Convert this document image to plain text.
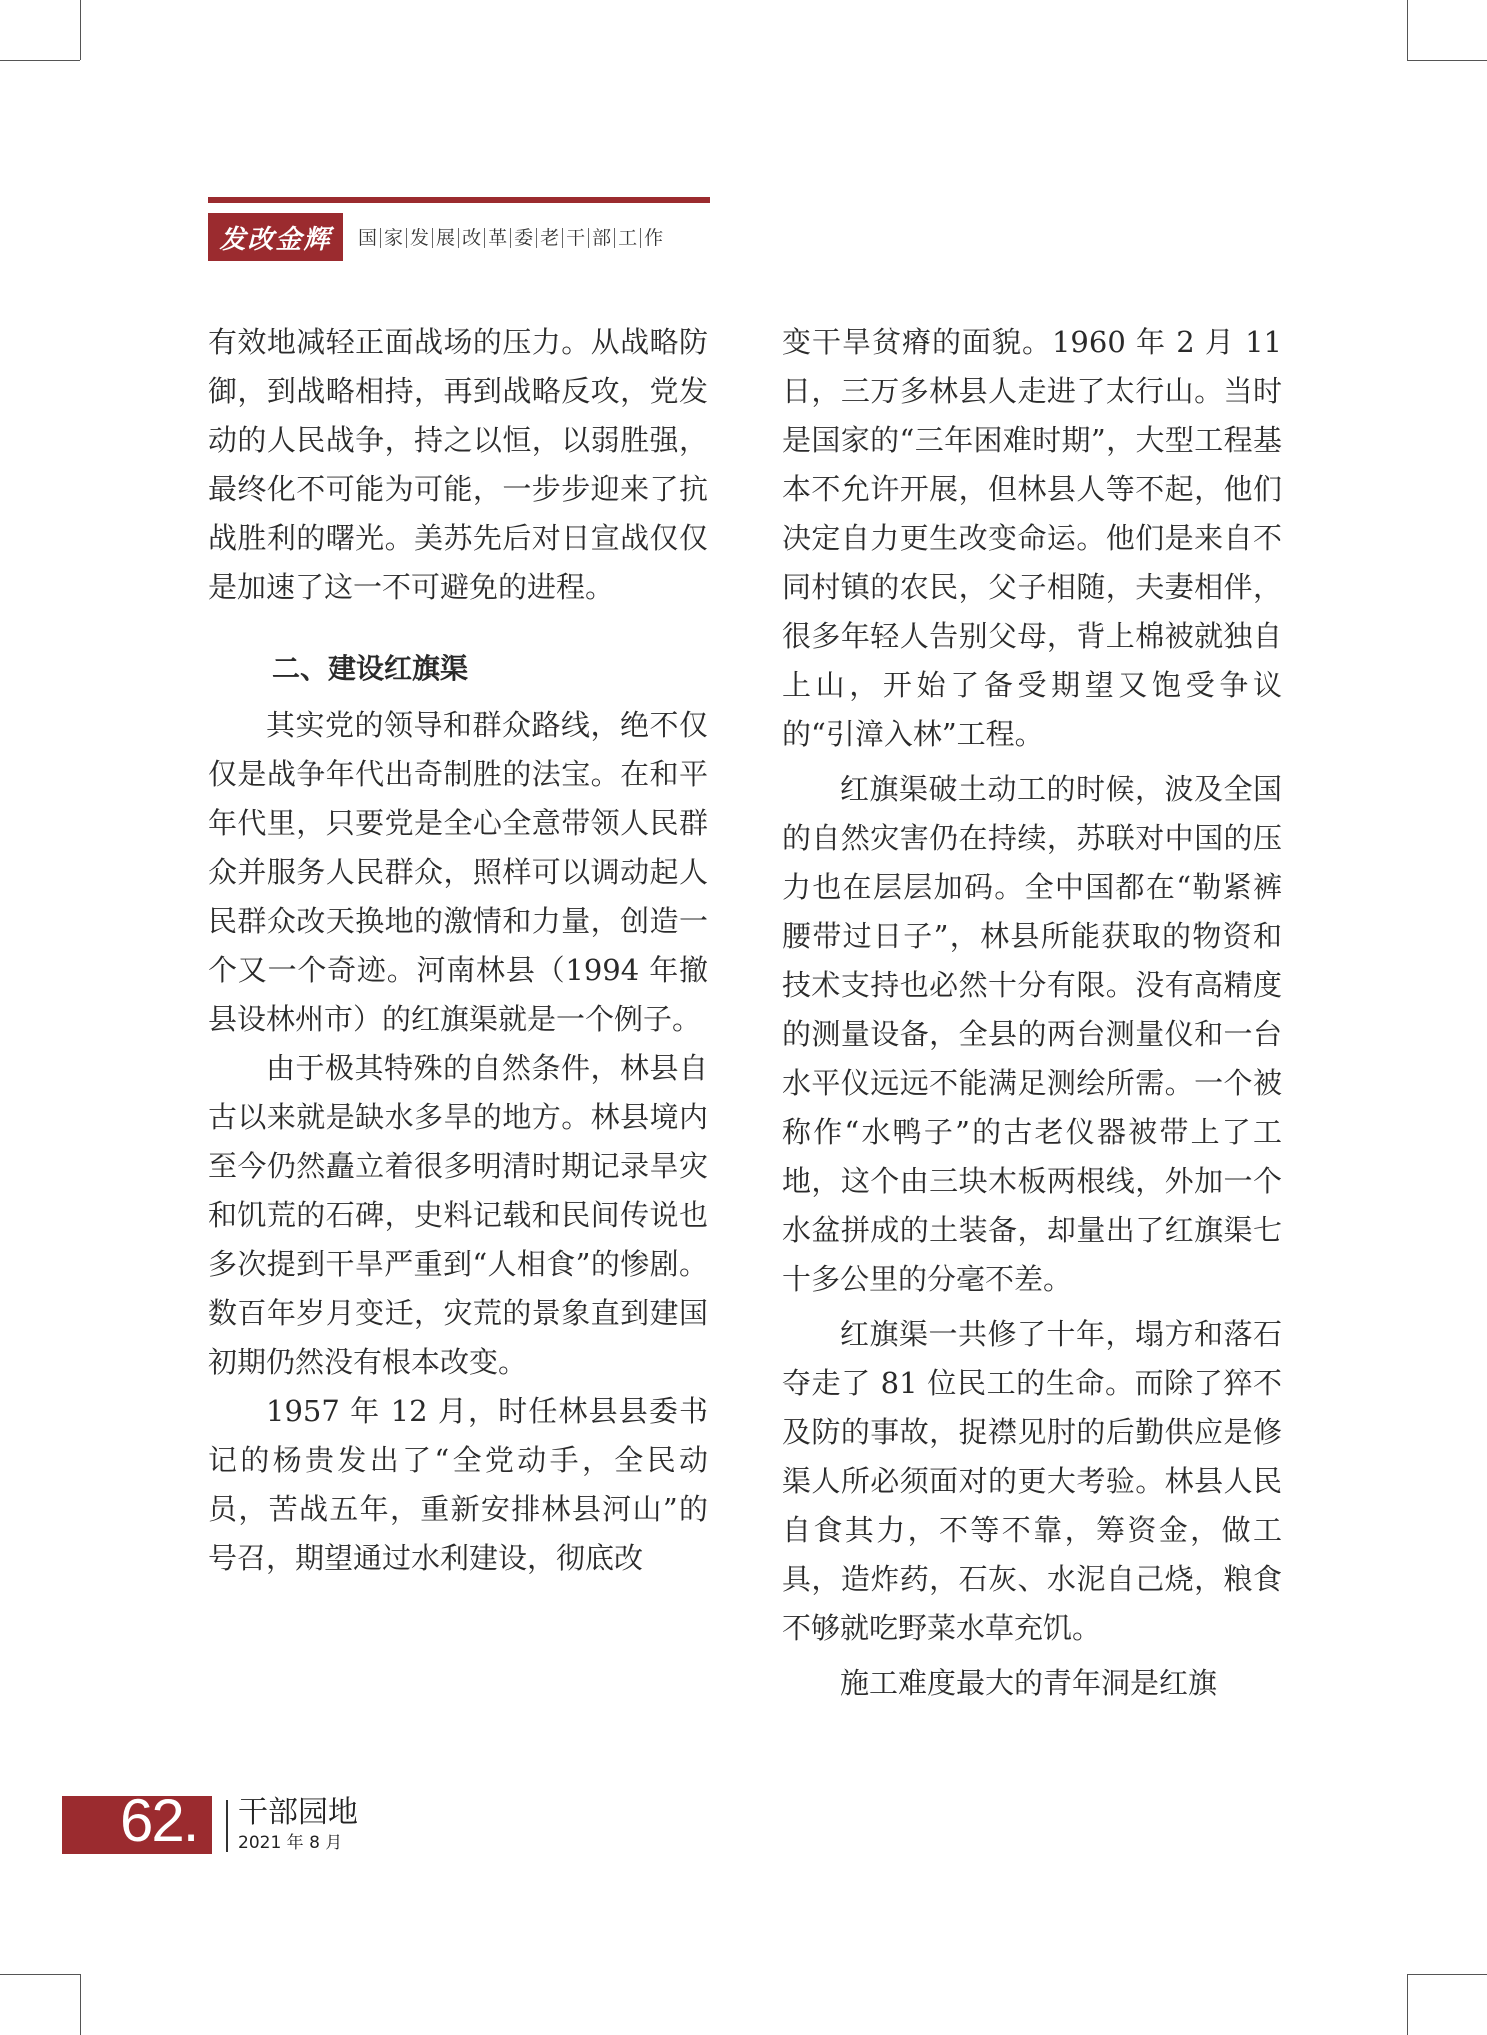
发改金辉	国 家 发 展 改 革 委 老 干 部 工 作

有效地减轻正面战场的压力。从战略防御，到战略相持，再到战略反攻，党发动的人民战争，持之以恒，以弱胜强，最终化不可能为可能，一步步迎来了抗战胜利的曙光。美苏先后对日宣战仅仅是加速了这一不可避免的进程。

二、建设红旗渠

其实党的领导和群众路线，绝不仅仅是战争年代出奇制胜的法宝。在和平年代里，只要党是全心全意带领人民群众并服务人民群众，照样可以调动起人民群众改天换地的激情和力量，创造一个又一个奇迹。河南林县（1994 年撤县设林州市）的红旗渠就是一个例子。

由于极其特殊的自然条件，林县自古以来就是缺水多旱的地方。林县境内至今仍然矗立着很多明清时期记录旱灾和饥荒的石碑，史料记载和民间传说也多次提到干旱严重到“人相食”的惨剧。数百年岁月变迁，灾荒的景象直到建国初期仍然没有根本改变。

1957 年 12 月，时任林县县委书记的杨贵发出了“全党动手，全民动员，苦战五年，重新安排林县河山”的号召，期望通过水利建设，彻底改

变干旱贫瘠的面貌。1960 年 2 月 11 日，三万多林县人走进了太行山。当时是国家的“三年困难时期”，大型工程基本不允许开展，但林县人等不起，他们决定自力更生改变命运。他们是来自不同村镇的农民，父子相随，夫妻相伴，很多年轻人告别父母，背上棉被就独自上山，开始了备受期望又饱受争议的“引漳入林”工程。

红旗渠破土动工的时候，波及全国的自然灾害仍在持续，苏联对中国的压力也在层层加码。全中国都在“勒紧裤腰带过日子”，林县所能获取的物资和技术支持也必然十分有限。没有高精度的测量设备，全县的两台测量仪和一台水平仪远远不能满足测绘所需。一个被称作“水鸭子”的古老仪器被带上了工地，这个由三块木板两根线，外加一个水盆拼成的土装备，却量出了红旗渠七十多公里的分毫不差。

红旗渠一共修了十年，塌方和落石夺走了 81 位民工的生命。而除了猝不及防的事故，捉襟见肘的后勤供应是修渠人所必须面对的更大考验。林县人民自食其力，不等不靠，筹资金，做工具，造炸药，石灰、水泥自己烧，粮食不够就吃野菜水草充饥。

施工难度最大的青年洞是红旗

62.	干部园地
2021 年 8 月
